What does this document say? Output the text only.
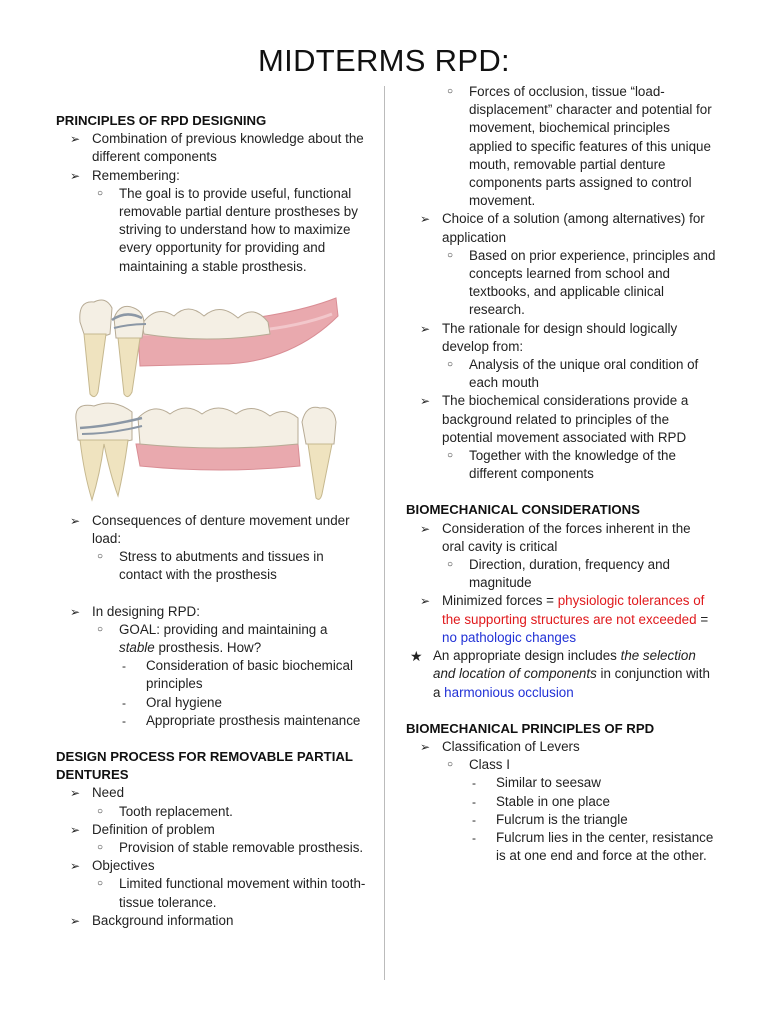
MIDTERMS RPD:
PRINCIPLES OF RPD DESIGNING
➢ Combination of previous knowledge about the different components
➢ Remembering:
○ The goal is to provide useful, functional removable partial denture prostheses by striving to understand how to maximize every opportunity for providing and maintaining a stable prosthesis.
➢ Consequences of denture movement under load:
○ Stress to abutments and tissues in contact with the prosthesis
➢ In designing RPD:
○ GOAL: providing and maintaining a stable prosthesis. How?
- Consideration of basic biochemical principles
- Oral hygiene
- Appropriate prosthesis maintenance
DESIGN PROCESS FOR REMOVABLE PARTIAL DENTURES
➢ Need
○ Tooth replacement.
➢ Definition of problem
○ Provision of stable removable prosthesis.
➢ Objectives
○ Limited functional movement within tooth-tissue tolerance.
➢ Background information
○ Forces of occlusion, tissue “load-displacement” character and potential for movement, biochemical principles applied to specific features of this unique mouth, removable partial denture components parts assigned to control movement.
➢ Choice of a solution (among alternatives) for application
○ Based on prior experience, principles and concepts learned from school and textbooks, and applicable clinical research.
➢ The rationale for design should logically develop from:
○ Analysis of the unique oral condition of each mouth
➢ The biochemical considerations provide a background related to principles of the potential movement associated with RPD
○ Together with the knowledge of the different components
BIOMECHANICAL CONSIDERATIONS
➢ Consideration of the forces inherent in the oral cavity is critical
○ Direction, duration, frequency and magnitude
➢ Minimized forces = physiologic tolerances of the supporting structures are not exceeded = no pathologic changes
★ An appropriate design includes the selection and location of components in conjunction with a harmonious occlusion
BIOMECHANICAL PRINCIPLES OF RPD
➢ Classification of Levers
○ Class I
- Similar to seesaw
- Stable in one place
- Fulcrum is the triangle
- Fulcrum lies in the center, resistance is at one end and force at the other.
